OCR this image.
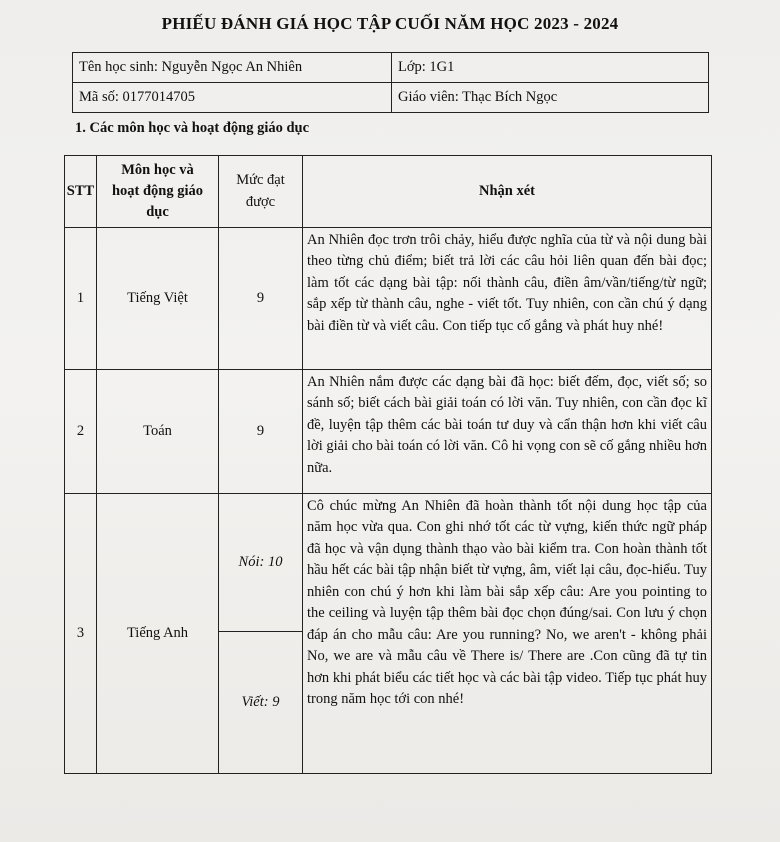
PHIẾU ĐÁNH GIÁ HỌC TẬP CUỐI NĂM HỌC 2023 - 2024
Tên học sinh: Nguyễn Ngọc An Nhiên	Lớp: 1G1
Mã số: 0177014705	Giáo viên: Thạc Bích Ngọc
1. Các môn học và hoạt động giáo dục
STT	Môn học và hoạt động giáo dục	Mức đạt được	Nhận xét
1	Tiếng Việt	9	An Nhiên đọc trơn trôi chảy, hiểu được nghĩa của từ và nội dung bài theo từng chủ điểm; biết trả lời các câu hỏi liên quan đến bài đọc; làm tốt các dạng bài tập: nối thành câu, điền âm/vần/tiếng/từ ngữ; sắp xếp từ thành câu, nghe - viết tốt. Tuy nhiên, con cần chú ý dạng bài điền từ và viết câu. Con tiếp tục cố gắng và phát huy nhé!
2	Toán	9	An Nhiên nắm được các dạng bài đã học: biết đếm, đọc, viết số; so sánh số; biết cách bài giải toán có lời văn. Tuy nhiên, con cần đọc kĩ đề, luyện tập thêm các bài toán tư duy và cẩn thận hơn khi viết câu lời giải cho bài toán có lời văn. Cô hi vọng con sẽ cố gắng nhiều hơn nữa.
3	Tiếng Anh	Nói: 10	Cô chúc mừng An Nhiên đã hoàn thành tốt nội dung học tập của năm học vừa qua. Con ghi nhớ tốt các từ vựng, kiến thức ngữ pháp đã học và vận dụng thành thạo vào bài kiểm tra. Con hoàn thành tốt hầu hết các bài tập nhận biết từ vựng, âm, viết lại câu, đọc-hiểu. Tuy nhiên con chú ý hơn khi làm bài sắp xếp câu: Are you pointing to the ceiling và luyện tập thêm bài đọc chọn đúng/sai. Con lưu ý chọn đáp án cho mẫu câu: Are you running? No, we aren't - không phải No, we are và mẫu câu về There is/ There are .Con cũng đã tự tin hơn khi phát biểu các tiết học và các bài tập video. Tiếp tục phát huy trong năm học tới con nhé!
		Viết: 9	
